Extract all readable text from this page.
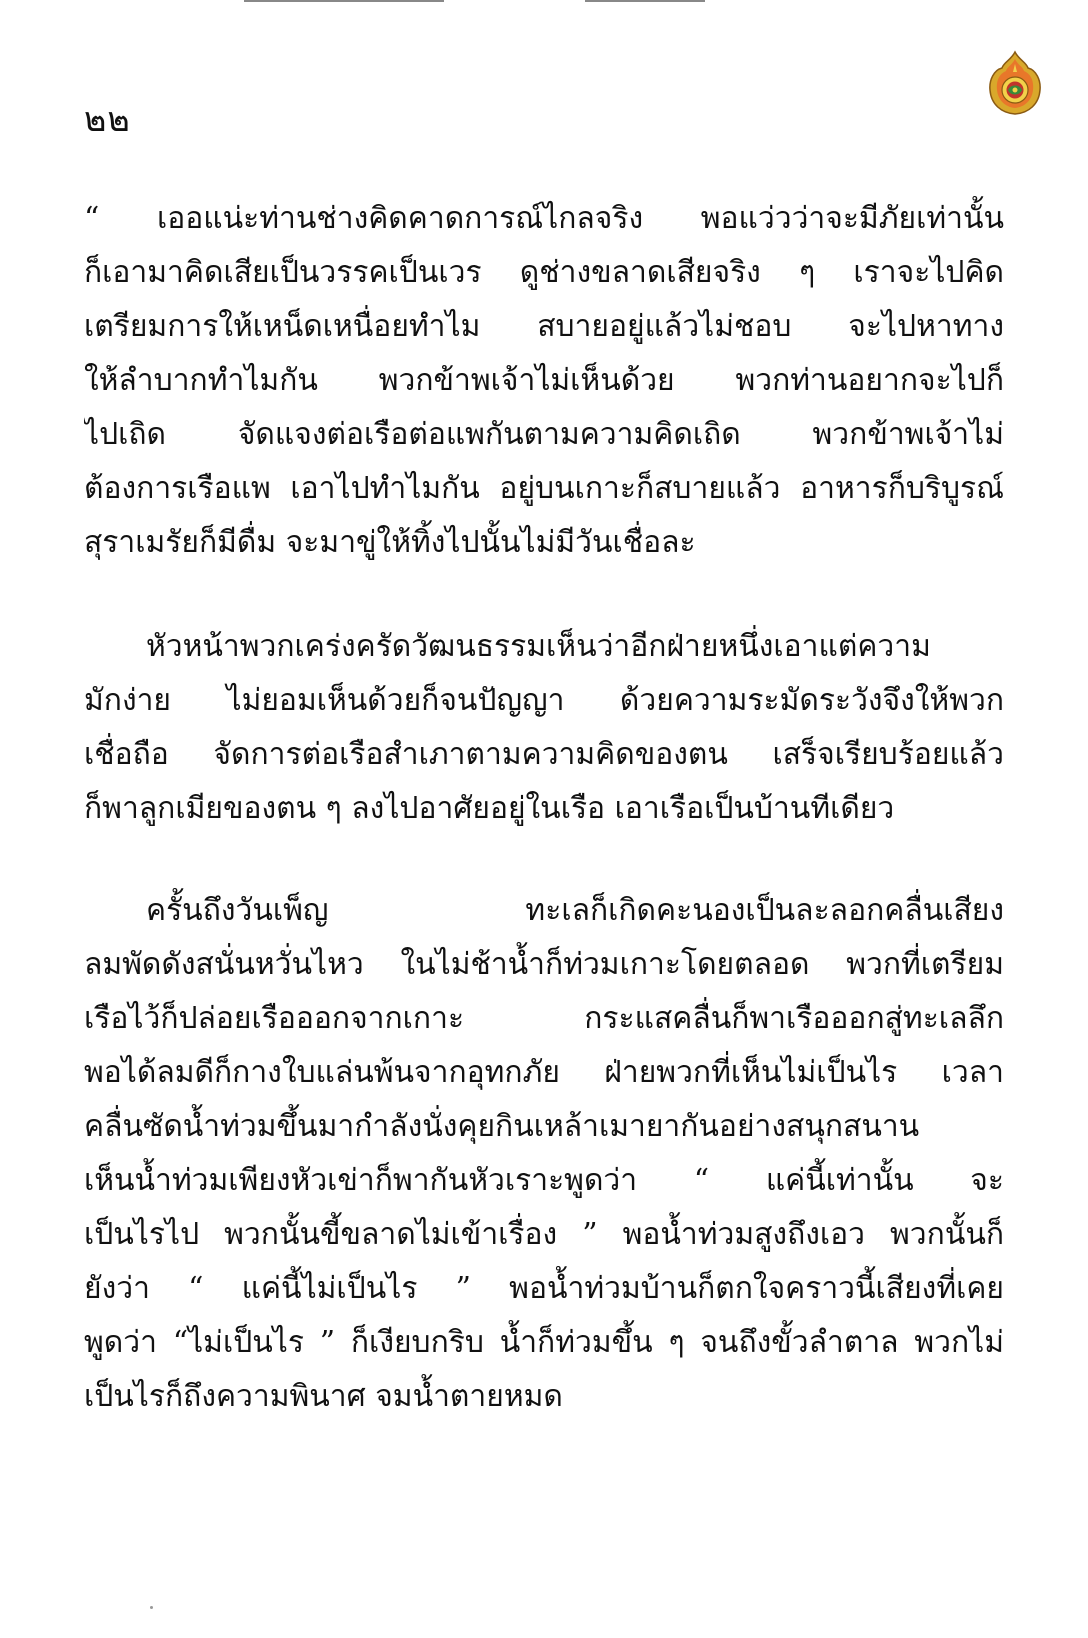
๒๒
“ เออแน่ะท่านช่างคิดคาดการณ์ไกลจริง พอแว่วว่าจะมีภัยเท่านั้น
ก็เอามาคิดเสียเป็นวรรคเป็นเวร ดูช่างขลาดเสียจริง ๆ เราจะไปคิด
เตรียมการให้เหน็ดเหนื่อยทำไม สบายอยู่แล้วไม่ชอบ จะไปหาทาง
ให้ลำบากทำไมกัน พวกข้าพเจ้าไม่เห็นด้วย พวกท่านอยากจะไปก็
ไปเถิด จัดแจงต่อเรือต่อแพกันตามความคิดเถิด พวกข้าพเจ้าไม่
ต้องการเรือแพ เอาไปทำไมกัน อยู่บนเกาะก็สบายแล้ว อาหารก็บริบูรณ์
สุราเมรัยก็มีดื่ม จะมาขู่ให้ทิ้งไปนั้นไม่มีวันเชื่อละ
หัวหน้าพวกเคร่งครัดวัฒนธรรมเห็นว่าอีกฝ่ายหนึ่งเอาแต่ความ
มักง่าย ไม่ยอมเห็นด้วยก็จนปัญญา ด้วยความระมัดระวังจึงให้พวก
เชื่อถือ จัดการต่อเรือสำเภาตามความคิดของตน เสร็จเรียบร้อยแล้ว
ก็พาลูกเมียของตน ๆ ลงไปอาศัยอยู่ในเรือ เอาเรือเป็นบ้านทีเดียว
ครั้นถึงวันเพ็ญ ทะเลก็เกิดคะนองเป็นละลอกคลื่นเสียง
ลมพัดดังสนั่นหวั่นไหว ในไม่ช้าน้ำก็ท่วมเกาะโดยตลอด พวกที่เตรียม
เรือไว้ก็ปล่อยเรือออกจากเกาะ กระแสคลื่นก็พาเรือออกสู่ทะเลลึก
พอได้ลมดีก็กางใบแล่นพ้นจากอุทกภัย ฝ่ายพวกที่เห็นไม่เป็นไร เวลา
คลื่นซัดน้ำท่วมขึ้นมากำลังนั่งคุยกินเหล้าเมายากันอย่างสนุกสนาน
เห็นน้ำท่วมเพียงหัวเข่าก็พากันหัวเราะพูดว่า “ แค่นี้เท่านั้น จะ
เป็นไรไป พวกนั้นขี้ขลาดไม่เข้าเรื่อง ” พอน้ำท่วมสูงถึงเอว พวกนั้นก็
ยังว่า “ แค่นี้ไม่เป็นไร ” พอน้ำท่วมบ้านก็ตกใจคราวนี้เสียงที่เคย
พูดว่า “ไม่เป็นไร ” ก็เงียบกริบ น้ำก็ท่วมขึ้น ๆ จนถึงขั้วลำตาล พวกไม่
เป็นไรก็ถึงความพินาศ จมน้ำตายหมด
